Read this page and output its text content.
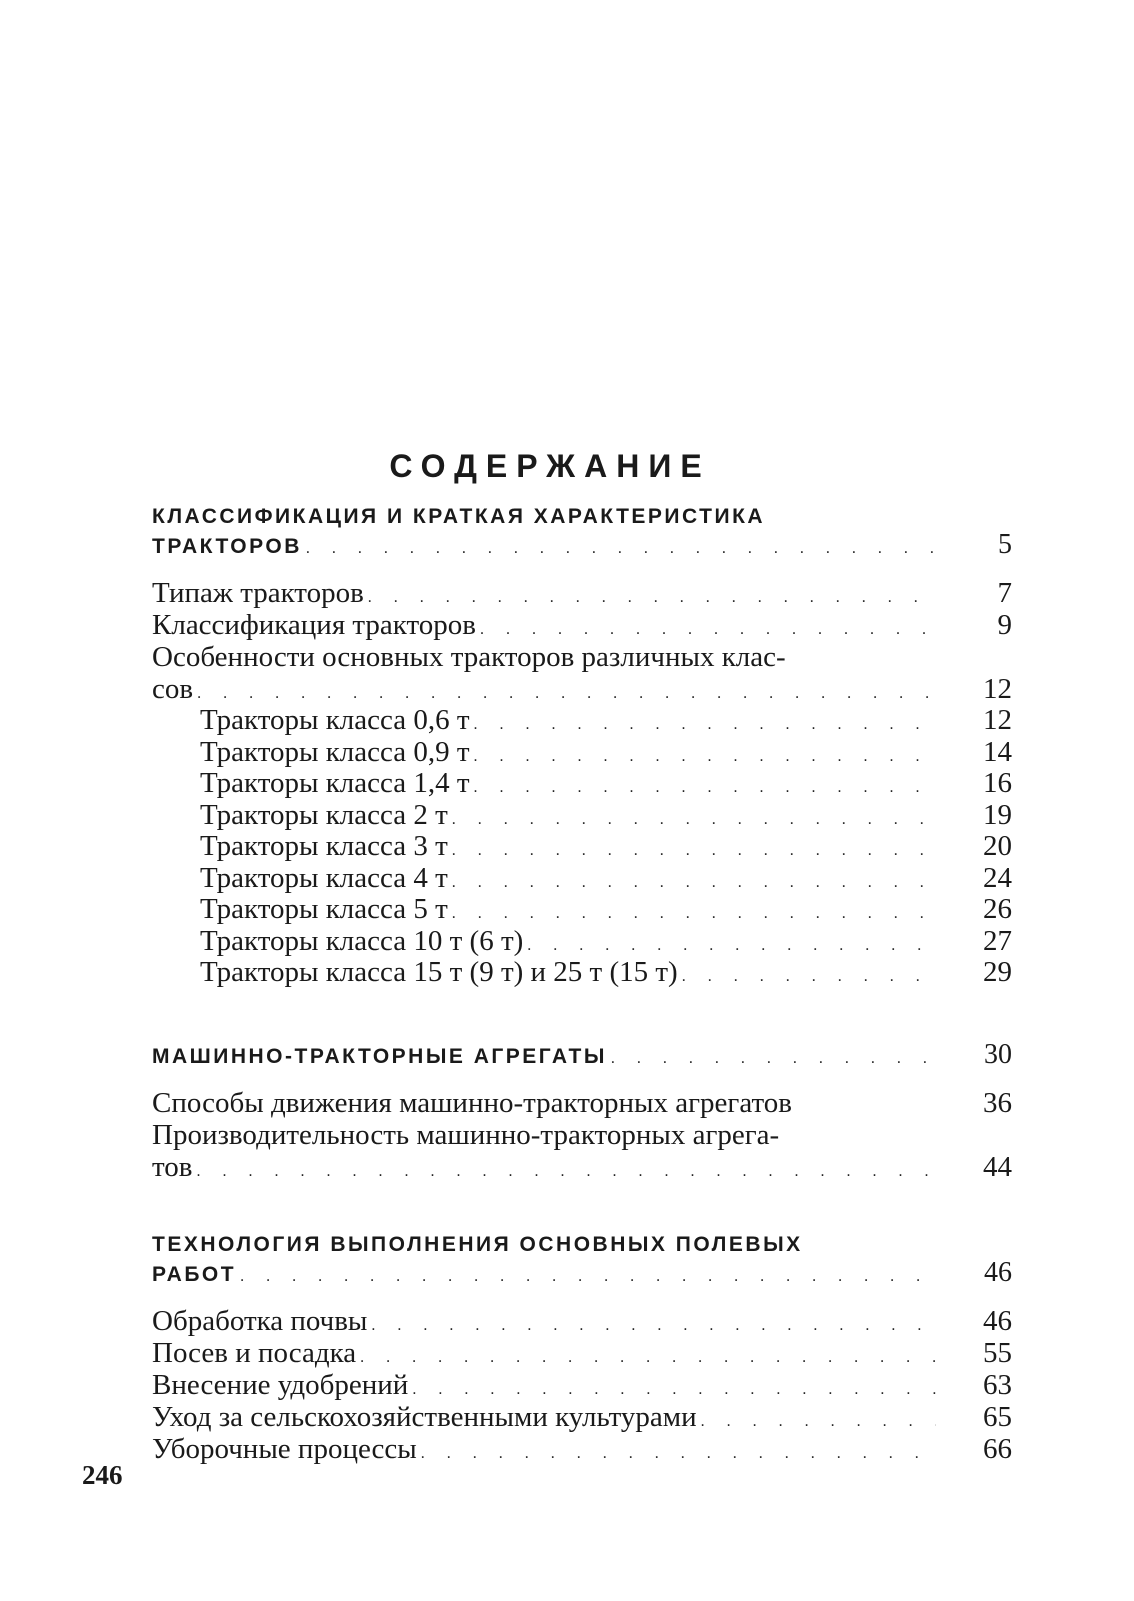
СОДЕРЖАНИЕ
КЛАССИФИКАЦИЯ И КРАТКАЯ ХАРАКТЕРИСТИКА
ТРАКТОРОВ . . .	5
Типаж тракторов . . .	7
Классификация тракторов . . .	9
Особенности основных тракторов различных клас-
сов . . .	12
Тракторы класса 0,6 т . . .	12
Тракторы класса 0,9 т . . .	14
Тракторы класса 1,4 т . . .	16
Тракторы класса 2 т . . .	19
Тракторы класса 3 т . . .	20
Тракторы класса 4 т . . .	24
Тракторы класса 5 т . . .	26
Тракторы класса 10 т (6 т) . . .	27
Тракторы класса 15 т (9 т) и 25 т (15 т) . . .	29
МАШИННО-ТРАКТОРНЫЕ АГРЕГАТЫ . . .	30
Способы движения машинно-тракторных агрегатов	36
Производительность машинно-тракторных агрега-
тов . . .	44
ТЕХНОЛОГИЯ ВЫПОЛНЕНИЯ ОСНОВНЫХ ПОЛЕВЫХ
РАБОТ . . .	46
Обработка почвы . . .	46
Посев и посадка . . .	55
Внесение удобрений . . .	63
Уход за сельскохозяйственными культурами . . .	65
Уборочные процессы . . .	66
246
